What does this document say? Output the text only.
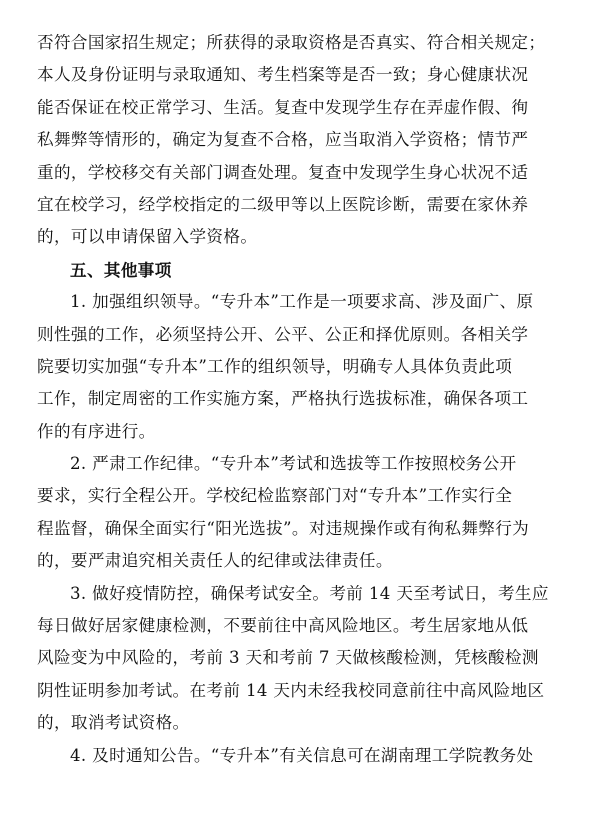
否符合国家招生规定；所获得的录取资格是否真实、符合相关规定；
本人及身份证明与录取通知、考生档案等是否一致；身心健康状况
能否保证在校正常学习、生活。复查中发现学生存在弄虚作假、徇
私舞弊等情形的，确定为复查不合格，应当取消入学资格；情节严
重的，学校移交有关部门调查处理。复查中发现学生身心状况不适
宜在校学习，经学校指定的二级甲等以上医院诊断，需要在家休养
的，可以申请保留入学资格。
五、其他事项
1. 加强组织领导。“专升本”工作是一项要求高、涉及面广、原
则性强的工作，必须坚持公开、公平、公正和择优原则。各相关学
院要切实加强“专升本”工作的组织领导，明确专人具体负责此项
工作，制定周密的工作实施方案，严格执行选拔标准，确保各项工
作的有序进行。
2. 严肃工作纪律。“专升本”考试和选拔等工作按照校务公开
要求，实行全程公开。学校纪检监察部门对“专升本”工作实行全
程监督，确保全面实行“阳光选拔”。对违规操作或有徇私舞弊行为
的，要严肃追究相关责任人的纪律或法律责任。
3. 做好疫情防控，确保考试安全。考前 14 天至考试日，考生应
每日做好居家健康检测，不要前往中高风险地区。考生居家地从低
风险变为中风险的，考前 3 天和考前 7 天做核酸检测，凭核酸检测
阴性证明参加考试。在考前 14 天内未经我校同意前往中高风险地区
的，取消考试资格。
4. 及时通知公告。“专升本”有关信息可在湖南理工学院教务处
